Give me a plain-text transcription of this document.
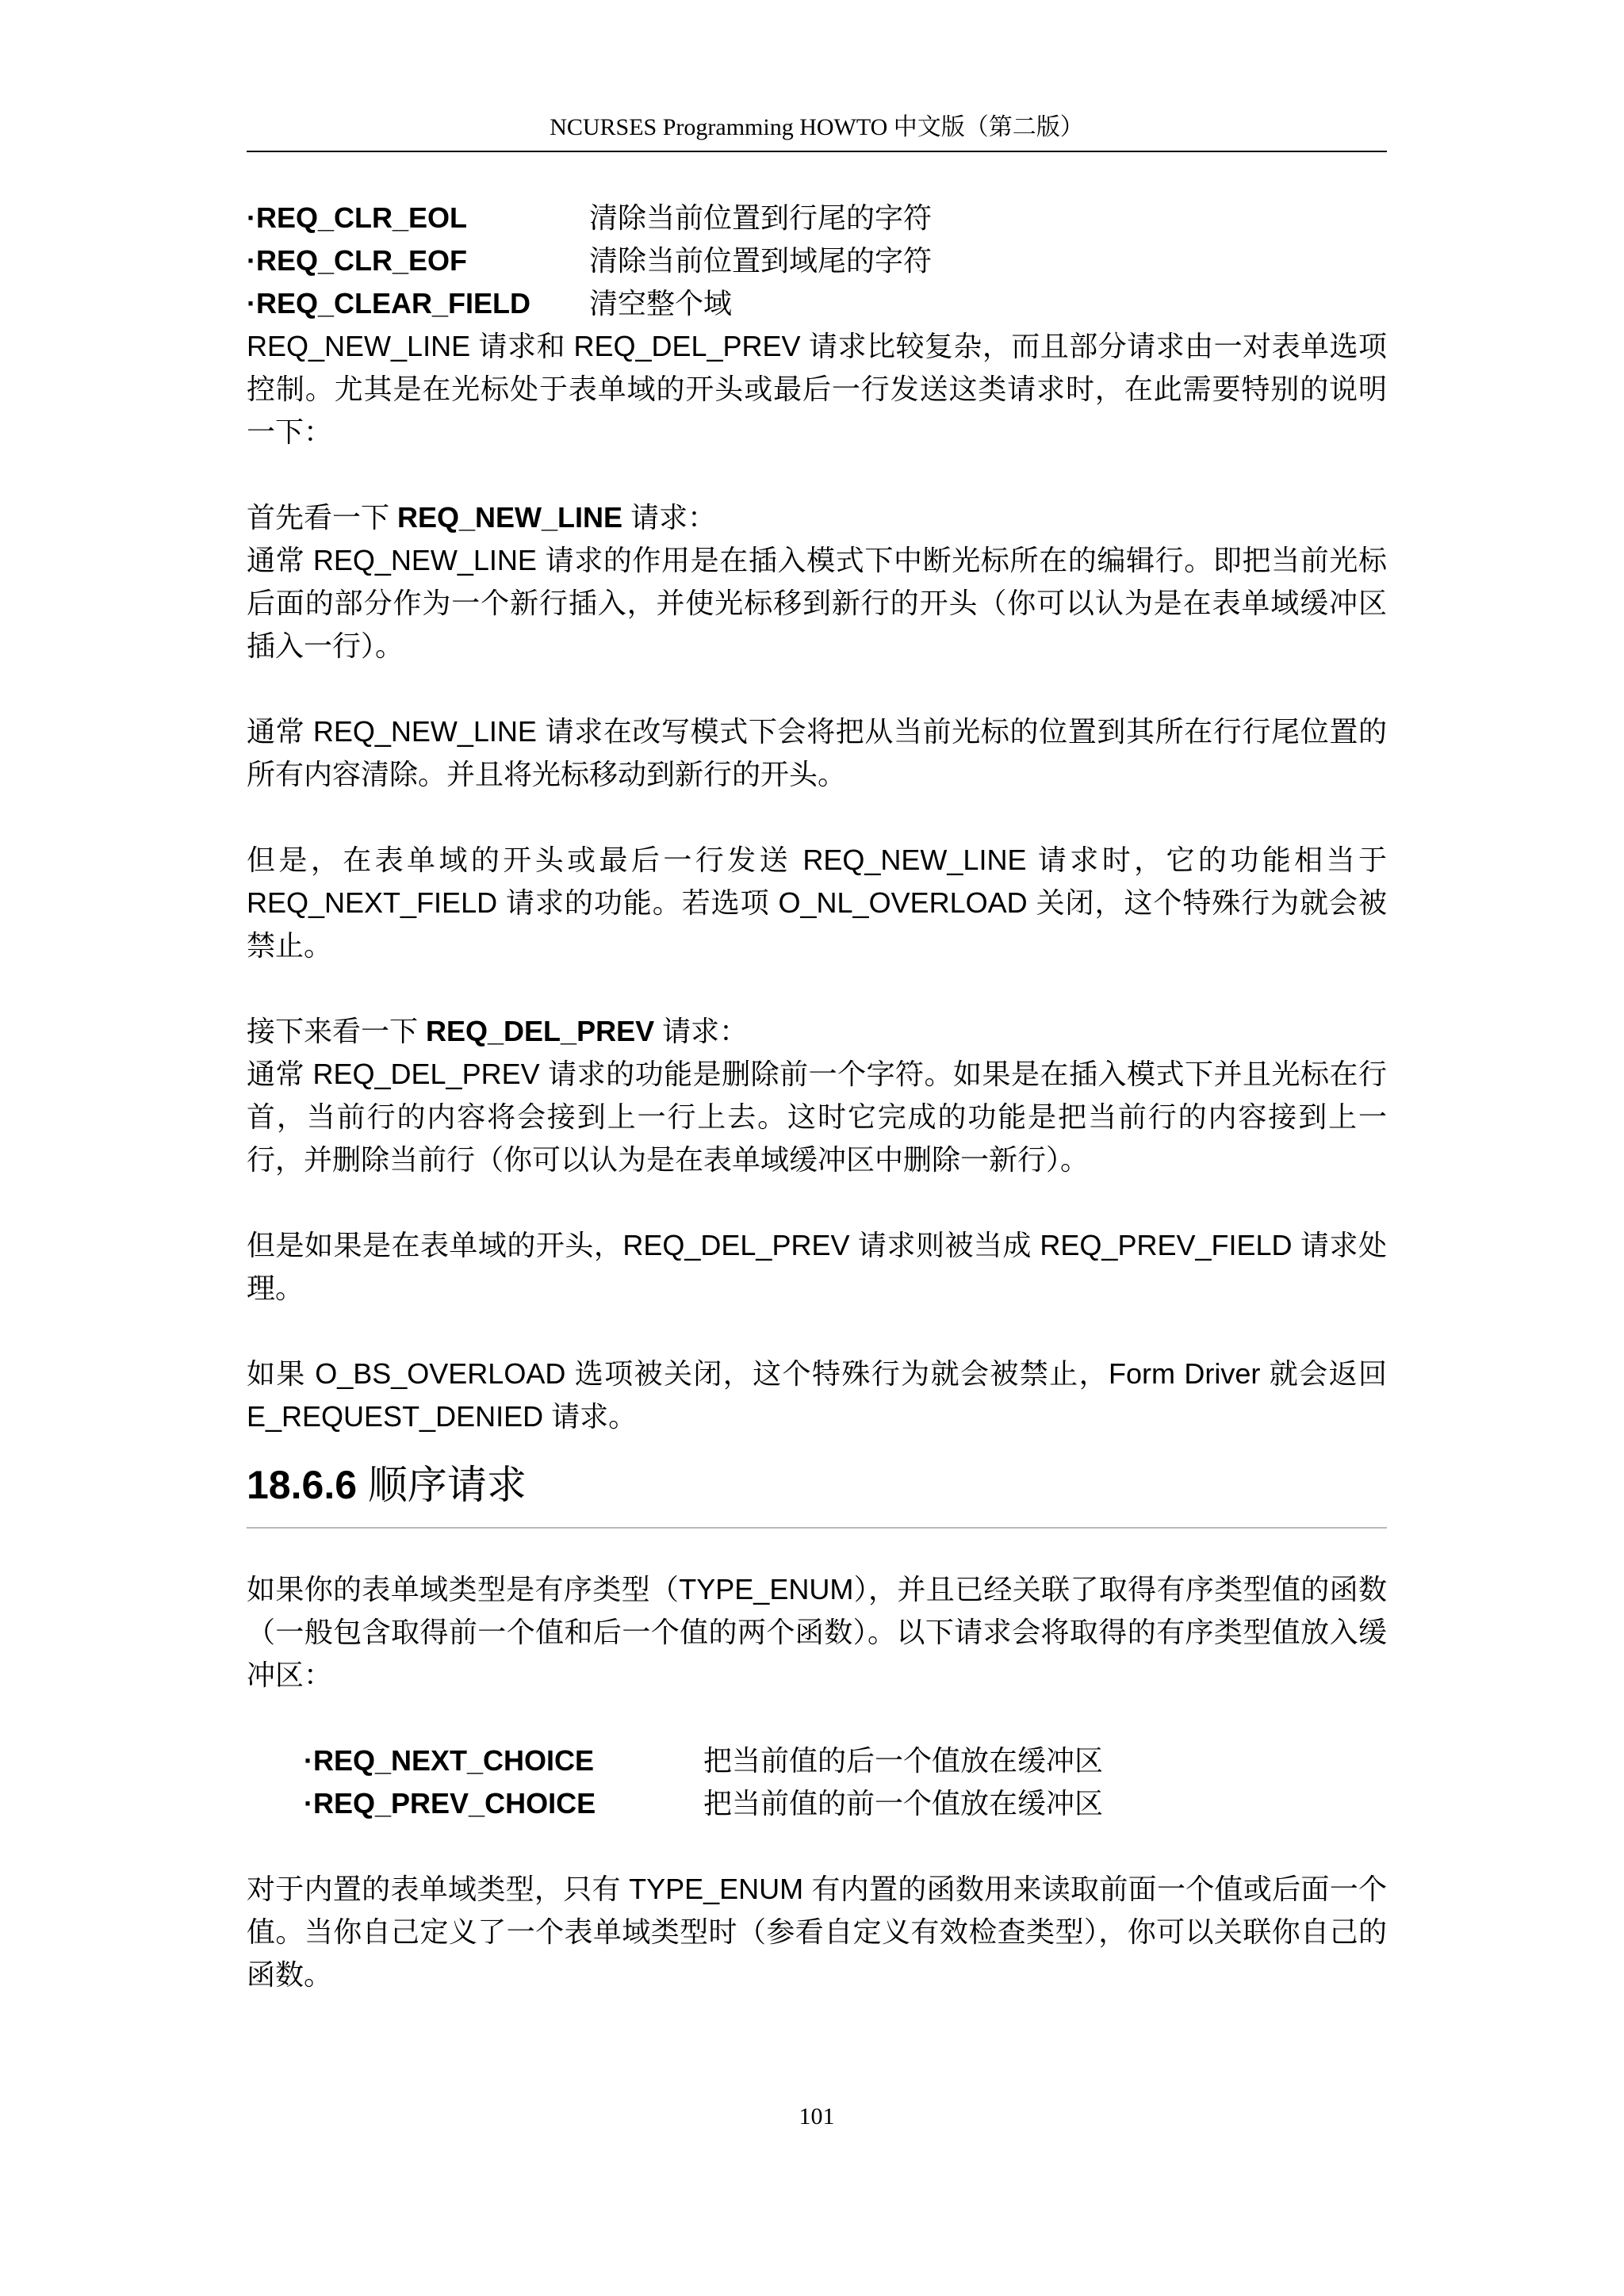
NCURSES Programming HOWTO 中文版（第二版）
·REQ_CLR_EOL	清除当前位置到行尾的字符
·REQ_CLR_EOF	清除当前位置到域尾的字符
·REQ_CLEAR_FIELD	清空整个域

REQ_NEW_LINE 请求和 REQ_DEL_PREV 请求比较复杂，而且部分请求由一对表单选项控制。尤其是在光标处于表单域的开头或最后一行发送这类请求时，在此需要特别的说明一下：

首先看一下 REQ_NEW_LINE 请求：

通常 REQ_NEW_LINE 请求的作用是在插入模式下中断光标所在的编辑行。即把当前光标后面的部分作为一个新行插入，并使光标移到新行的开头（你可以认为是在表单域缓冲区插入一行）。

通常 REQ_NEW_LINE 请求在改写模式下会将把从当前光标的位置到其所在行行尾位置的所有内容清除。并且将光标移动到新行的开头。

但是，在表单域的开头或最后一行发送 REQ_NEW_LINE 请求时，它的功能相当于 REQ_NEXT_FIELD 请求的功能。若选项 O_NL_OVERLOAD 关闭，这个特殊行为就会被禁止。

接下来看一下 REQ_DEL_PREV 请求：

通常 REQ_DEL_PREV 请求的功能是删除前一个字符。如果是在插入模式下并且光标在行首，当前行的内容将会接到上一行上去。这时它完成的功能是把当前行的内容接到上一行，并删除当前行（你可以认为是在表单域缓冲区中删除一新行）。

但是如果是在表单域的开头，REQ_DEL_PREV 请求则被当成 REQ_PREV_FIELD 请求处理。

如果 O_BS_OVERLOAD 选项被关闭，这个特殊行为就会被禁止，Form Driver 就会返回 E_REQUEST_DENIED 请求。

18.6.6 顺序请求

如果你的表单域类型是有序类型（TYPE_ENUM），并且已经关联了取得有序类型值的函数（一般包含取得前一个值和后一个值的两个函数）。以下请求会将取得的有序类型值放入缓冲区：

·REQ_NEXT_CHOICE	把当前值的后一个值放在缓冲区
·REQ_PREV_CHOICE	把当前值的前一个值放在缓冲区

对于内置的表单域类型，只有 TYPE_ENUM 有内置的函数用来读取前面一个值或后面一个值。当你自己定义了一个表单域类型时（参看自定义有效检查类型），你可以关联你自己的函数。

101
